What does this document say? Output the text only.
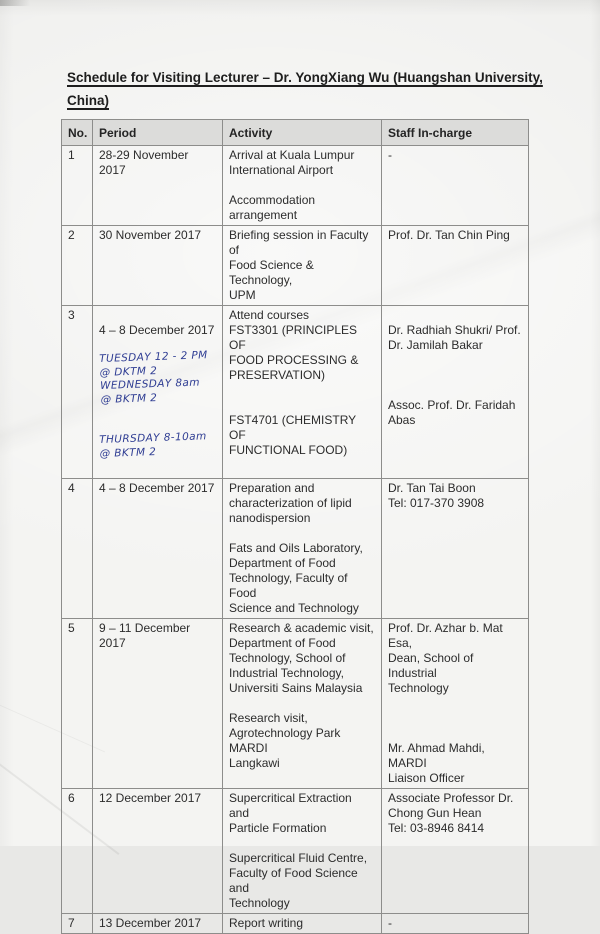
Schedule for Visiting Lecturer – Dr. YongXiang Wu (Huangshan University,
China)
No.	Period	Activity	Staff In-charge
1	28-29 November 2017	Arrival at Kuala Lumpur
International Airport

Accommodation
arrangement	-
2	30 November 2017	Briefing session in Faculty of
Food Science & Technology,
UPM	Prof. Dr. Tan Chin Ping
3	

4 – 8 December 2017

TUESDAY 12 - 2 PM
@ DKTM 2
WEDNESDAY 8am
@ BKTM 2

THURSDAY 8-10am
@ BKTM 2

	Attend courses
FST3301 (PRINCIPLES OF
FOOD PROCESSING &
PRESERVATION)

FST4701 (CHEMISTRY OF
FUNCTIONAL FOOD)	
Dr. Radhiah Shukri/ Prof.
Dr. Jamilah Bakar

Assoc. Prof. Dr. Faridah
Abas
4	4 – 8 December 2017	Preparation and
characterization of lipid
nanodispersion

Fats and Oils Laboratory,
Department of Food
Technology, Faculty of Food
Science and Technology	Dr. Tan Tai Boon
Tel: 017-370 3908
5	9 – 11 December 2017	Research & academic visit,
Department of Food
Technology, School of
Industrial Technology,
Universiti Sains Malaysia

Research visit,
Agrotechnology Park MARDI
Langkawi	Prof. Dr. Azhar b. Mat Esa,
Dean, School of Industrial
Technology

Mr. Ahmad Mahdi, MARDI
Liaison Officer
6	12 December 2017	Supercritical Extraction and
Particle Formation

Supercritical Fluid Centre,
Faculty of Food Science and
Technology	Associate Professor Dr.
Chong Gun Hean
Tel: 03-8946 8414
7	13 December 2017	Report writing	-
